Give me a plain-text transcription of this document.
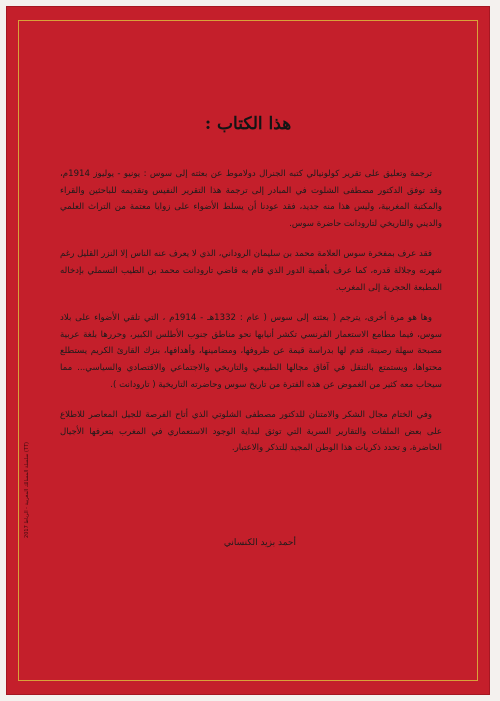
هذا الكتاب :

ترجمة وتعليق على تقرير كولونيالي كتبه الجنرال دولاموط عن بعثته إلى سوس : يونيو - يوليوز 1914م، وقد توفق الدكتور مصطفى الشلوت في المبادر إلى ترجمة هذا التقرير النفيس وتقديمه للباحثين والقراء والمكتبة المغربية، وليس هذا منه جديد، فقد عودنا أن يسلط الأضواء على زوايا معتمة من التراث العلمي والديني والتاريخي لتارودانت حاضرة سوس.

فقد عرف بمفخرة سوس العلامة محمد بن سليمان الروداني، الذي لا يعرف عنه الناس إلا النزر القليل رغم شهرته وجلالة قدره، كما عرف بأهمية الدور الذي قام به قاضي تارودانت محمد بن الطيب التسملي بإدخاله المطبعة الحجرية إلى المغرب.

وها هو مرة أخرى، يترجم ( بعثته إلى سوس ( عام : 1332هـ - 1914م ، التي تلقي الأضواء على بلاد سوس، فيما مطامع الاستعمار الفرنسي تكشر أنيابها نحو مناطق جنوب الأطلس الكبير، وحررها بلغة عربية مصبحة سهلة رصينة، قدم لها بدراسة قيمة عن ظروفها، ومضامينها، وأهدافها، بنزك القارئ الكريم يستطلع محتواها، ويستمتع بالتنقل في آفاق مجالها الطبيعي والتاريخي والاجتماعي والاقتصادي والسياسي... مما سيحاب معه كثير من الغموض عن هذه الفترة من تاريخ سوس وحاضرته التاريخية ( تارودانت ).

وفي الختام مجال الشكر والامتنان للدكتور مصطفى الشلوتي الذي أتاح الفرصة للجيل المعاصر للاطلاع على بعض الملفات والتقارير السرية التي توثق لبداية الوجود الاستعماري في المغرب بتعرفها الأجيال الحاضرة، و تحدد ذكريات هذا الوطن المجيد للتذكر والاعتبار.

أحمد بزيد الكنساني
(TT) سلسلة المسالك المغربية - الرباط 2017
